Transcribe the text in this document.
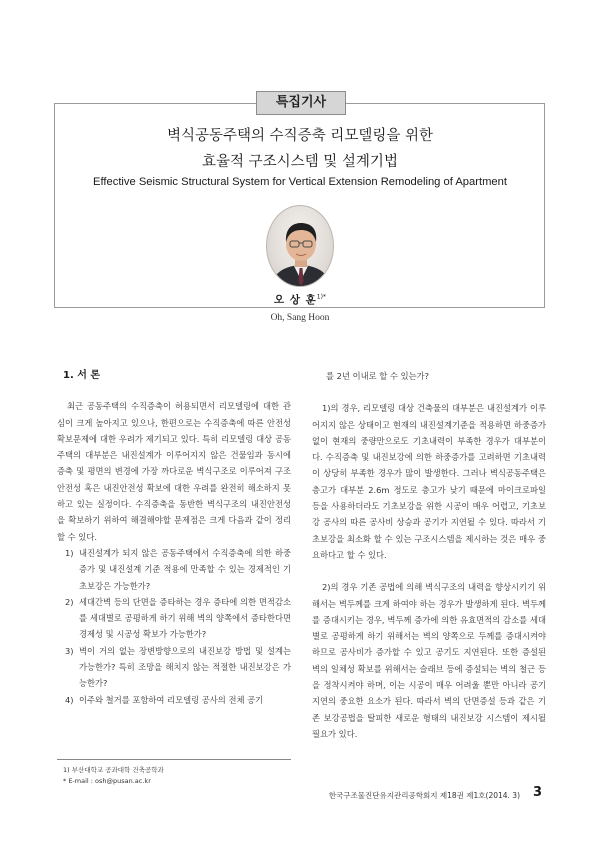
특집기사
벽식공동주택의 수직증축 리모델링을 위한
효율적 구조시스템 및 설계기법
Effective Seismic Structural System for Vertical Extension Remodeling of Apartment
오 상 훈$^{1)*}$
Oh, Sang Hoon
1. 서 론

최근 공동주택의 수직증축이 허용되면서 리모델링에 대한 관심이 크게 높아지고 있으나, 한편으로는 수직증축에 따른 안전성 확보문제에 대한 우려가 제기되고 있다. 특히 리모델링 대상 공동주택의 대부분은 내진설계가 이루어지지 않은 건물임과 동시에 증축 및 평면의 변경에 가장 까다로운 벽식구조로 이루어져 구조안전성 혹은 내진안전성 확보에 대한 우려를 완전히 해소하지 못하고 있는 실정이다. 수직증축을 동반한 벽식구조의 내진안전성을 확보하기 위하여 해결해야할 문제점은 크게 다음과 같이 정리할 수 있다.

1) 내진설계가 되지 않은 공동주택에서 수직증축에 의한 하중증가 및 내진설계 기준 적용에 만족할 수 있는 경제적인 기초보강은 가능한가?
2) 세대간벽 등의 단면을 증타하는 경우 증타에 의한 면적감소를 세대별로 공평하게 하기 위해 벽의 양쪽에서 증타한다면 경제성 및 시공성 확보가 가능한가?
3) 벽이 거의 없는 장변방향으로의 내진보강 방법 및 설계는 가능한가? 특히 조망을 해치지 않는 적절한 내진보강은 가능한가?
4) 이주와 철거를 포함하여 리모델링 공사의 전체 공기

를 2년 이내로 할 수 있는가?

1)의 경우, 리모델링 대상 건축물의 대부분은 내진설계가 이루어지지 않은 상태이고 현재의 내진설계기준을 적용하면 하중증가 없이 현재의 중량만으로도 기초내력이 부족한 경우가 대부분이다. 수직증축 및 내진보강에 의한 하중증가를 고려하면 기초내력이 상당히 부족한 경우가 많이 발생한다. 그러나 벽식공동주택은 층고가 대부분 2.6m 정도로 층고가 낮기 때문에 마이크로파일 등을 사용하더라도 기초보강을 위한 시공이 매우 어렵고, 기초보강 공사의 따른 공사비 상승과 공기가 지연될 수 있다. 따라서 기초보강을 최소화 할 수 있는 구조시스템을 제시하는 것은 매우 중요하다고 할 수 있다.

2)의 경우 기존 공법에 의해 벽식구조의 내력을 향상시키기 위해서는 벽두께를 크게 하여야 하는 경우가 발생하게 된다. 벽두께를 증대시키는 경우, 벽두께 증가에 의한 유효면적의 감소를 세대별로 공평하게 하기 위해서는 벽의 양쪽으로 두께를 증대시켜야 하므로 공사비가 증가할 수 있고 공기도 지연된다. 또한 증설된 벽의 일체성 확보를 위해서는 슬래브 등에 증설되는 벽의 철근 등을 정착시켜야 하며, 이는 시공이 매우 어려울 뿐만 아니라 공기지연의 중요한 요소가 된다. 따라서 벽의 단면증설 등과 같은 기존 보강공법을 탈피한 새로운 형태의 내진보강 시스템이 제시될 필요가 있다.

1) 부산대학교 공과대학 건축공학과
* E-mail : osh@pusan.ac.kr
한국구조물진단유지관리공학회지 제18권 제1호(2014. 3) 3
